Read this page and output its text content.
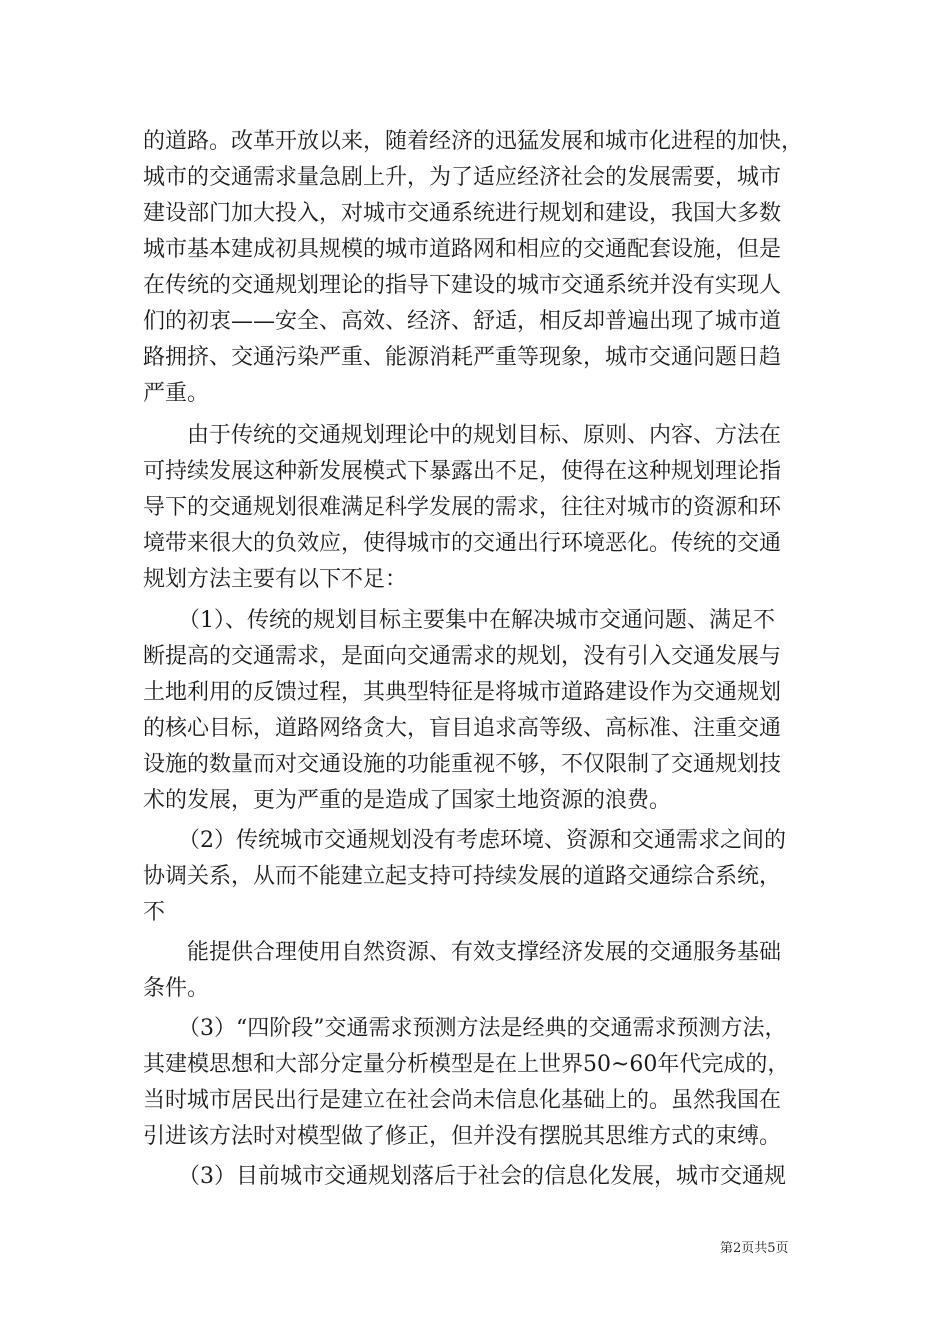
的道路。改革开放以来，随着经济的迅猛发展和城市化进程的加快，
城市的交通需求量急剧上升，为了适应经济社会的发展需要，城市
建设部门加大投入，对城市交通系统进行规划和建设，我国大多数
城市基本建成初具规模的城市道路网和相应的交通配套设施，但是
在传统的交通规划理论的指导下建设的城市交通系统并没有实现人
们的初衷——安全、高效、经济、舒适，相反却普遍出现了城市道
路拥挤、交通污染严重、能源消耗严重等现象，城市交通问题日趋
严重。
由于传统的交通规划理论中的规划目标、原则、内容、方法在
可持续发展这种新发展模式下暴露出不足，使得在这种规划理论指
导下的交通规划很难满足科学发展的需求，往往对城市的资源和环
境带来很大的负效应，使得城市的交通出行环境恶化。传统的交通
规划方法主要有以下不足：
（1）、传统的规划目标主要集中在解决城市交通问题、满足不
断提高的交通需求，是面向交通需求的规划，没有引入交通发展与
土地利用的反馈过程，其典型特征是将城市道路建设作为交通规划
的核心目标，道路网络贪大，盲目追求高等级、高标准、注重交通
设施的数量而对交通设施的功能重视不够，不仅限制了交通规划技
术的发展，更为严重的是造成了国家土地资源的浪费。
（2）传统城市交通规划没有考虑环境、资源和交通需求之间的
协调关系，从而不能建立起支持可持续发展的道路交通综合系统，
不
能提供合理使用自然资源、有效支撑经济发展的交通服务基础
条件。
（3）“四阶段”交通需求预测方法是经典的交通需求预测方法，
其建模思想和大部分定量分析模型是在上世界50~60年代完成的，
当时城市居民出行是建立在社会尚未信息化基础上的。虽然我国在
引进该方法时对模型做了修正，但并没有摆脱其思维方式的束缚。
（3）目前城市交通规划落后于社会的信息化发展，城市交通规
第2页共5页
